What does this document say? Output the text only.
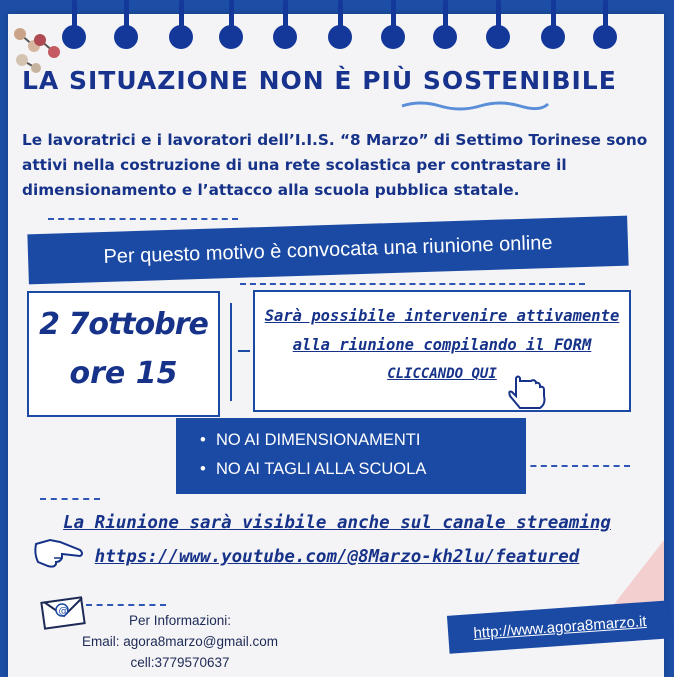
LA SITUAZIONE NON È PIÙ SOSTENIBILE

Le lavoratrici e i lavoratori dell’I.I.S. “8 Marzo” di Settimo Torinese sono attivi nella costruzione di una rete scolastica per contrastare il dimensionamento e l’attacco alla scuola pubblica statale.

Per questo motivo è convocata una riunione online
2 7ottobre
ore 15
Sarà possibile intervenire attivamente
alla riunione compilando il FORM
CLICCANDO QUI
• NO AI DIMENSIONAMENTI
• NO AI TAGLI ALLA SCUOLA
La Riunione sarà visibile anche sul canale streaming
https://www.youtube.com/@8Marzo-kh2lu/featured
@
Per Informazioni:
Email: agora8marzo@gmail.com
cell:3779570637
http://www.agora8marzo.it
